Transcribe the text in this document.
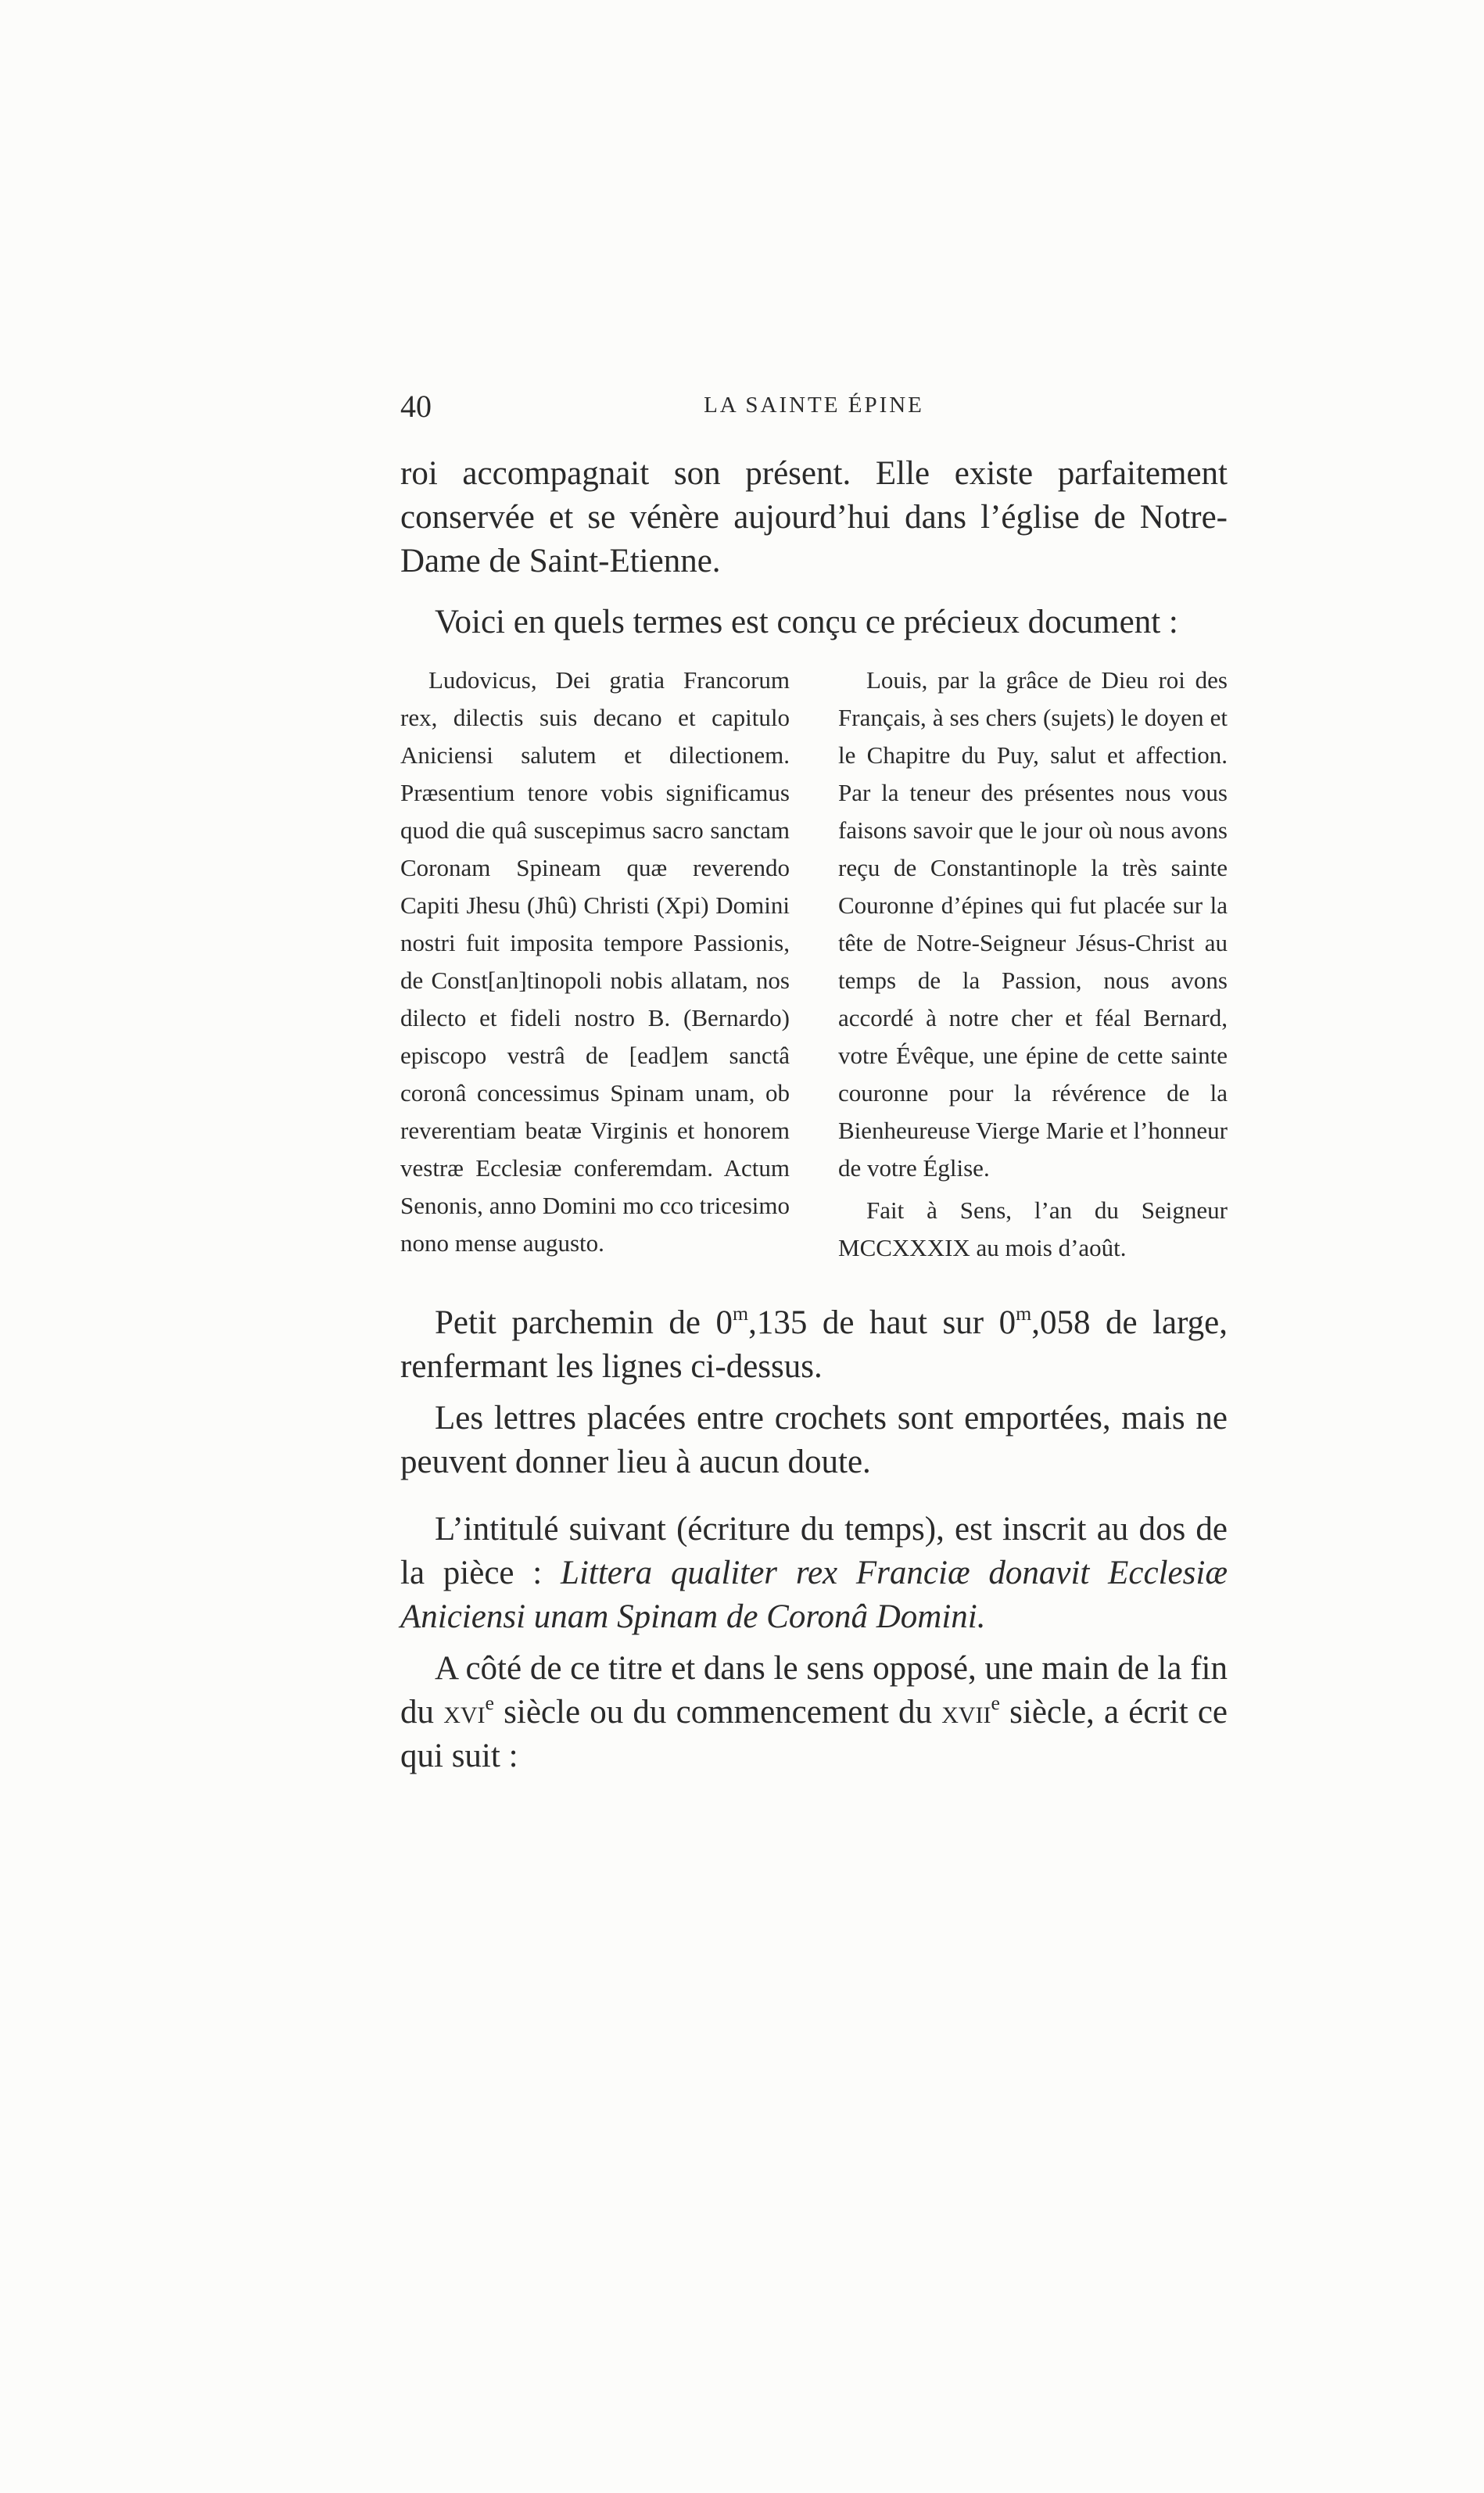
40	LA SAINTE ÉPINE

roi accompagnait son présent. Elle existe parfaitement conservée et se vénère aujourd’hui dans l’église de Notre-Dame de Saint-Etienne.

Voici en quels termes est conçu ce précieux document :

Ludovicus, Dei gratia Francorum rex, dilectis suis decano et capitulo Aniciensi salutem et dilectionem. Præsentium tenore vobis significamus quod die quâ suscepimus sacro sanctam Coronam Spineam quæ reverendo Capiti Jhesu (Jhû) Christi (Xpi) Domini nostri fuit imposita tempore Passionis, de Const[an]tinopoli nobis allatam, nos dilecto et fideli nostro B. (Bernardo) episcopo vestrâ de [ead]em sanctâ coronâ concessimus Spinam unam, ob reverentiam beatæ Virginis et honorem vestræ Ecclesiæ conferemdam. Actum Senonis, anno Domini mo cco tricesimo nono mense augusto.

Louis, par la grâce de Dieu roi des Français, à ses chers (sujets) le doyen et le Chapitre du Puy, salut et affection. Par la teneur des présentes nous vous faisons savoir que le jour où nous avons reçu de Constantinople la très sainte Couronne d’épines qui fut placée sur la tête de Notre-Seigneur Jésus-Christ au temps de la Passion, nous avons accordé à notre cher et féal Bernard, votre Évêque, une épine de cette sainte couronne pour la révérence de la Bienheureuse Vierge Marie et l’honneur de votre Église.

Fait à Sens, l’an du Seigneur MCCXXXIX au mois d’août.

Petit parchemin de 0$^m$,135 de haut sur 0$^m$,058 de large, renfermant les lignes ci-dessus.

Les lettres placées entre crochets sont emportées, mais ne peuvent donner lieu à aucun doute.

L’intitulé suivant (écriture du temps), est inscrit au dos de la pièce : Littera qualiter rex Franciæ donavit Ecclesiæ Aniciensi unam Spinam de Coronâ Domini.

A côté de ce titre et dans le sens opposé, une main de la fin du xvi$^e$ siècle ou du commencement du xvii$^e$ siècle, a écrit ce qui suit :
